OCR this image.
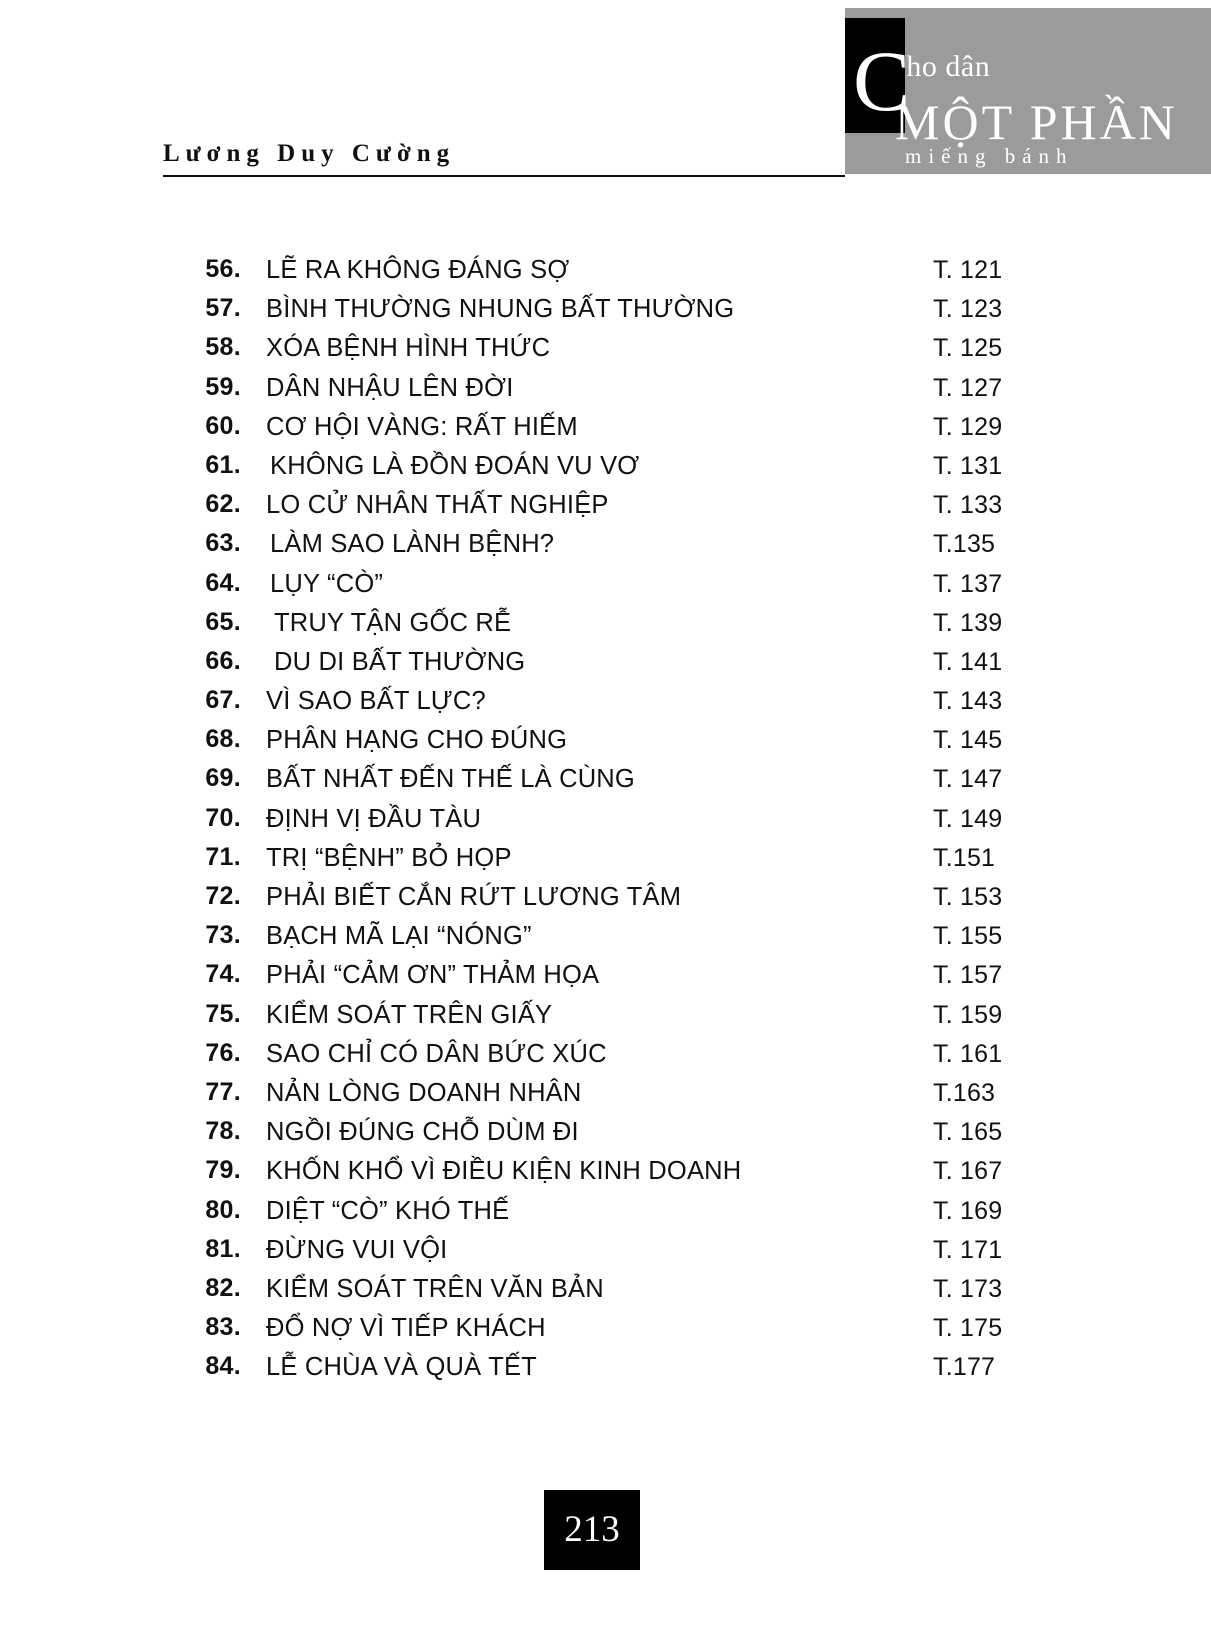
Cho dân
MỘT PHẦN
miếng bánh
Lương Duy Cường
56. LẼ RA KHÔNG ĐÁNG SỢ	T. 121
57. BÌNH THƯỜNG NHUNG BẤT THƯỜNG	T. 123
58. XÓA BỆNH HÌNH THỨC	T. 125
59. DÂN NHẬU LÊN ĐỜI	T. 127
60. CƠ HỘI VÀNG: RẤT HIẾM	T. 129
61. KHÔNG LÀ ĐỒN ĐOÁN VU VƠ	T. 131
62. LO CỬ NHÂN THẤT NGHIỆP	T. 133
63. LÀM SAO LÀNH BỆNH?	T.135
64. LỤY “CÒ”	T. 137
65. TRUY TẬN GỐC RỄ	T. 139
66. DU DI BẤT THƯỜNG	T. 141
67. VÌ SAO BẤT LỰC?	T. 143
68. PHÂN HẠNG CHO ĐÚNG	T. 145
69. BẤT NHẤT ĐẾN THẾ LÀ CÙNG	T. 147
70. ĐỊNH VỊ ĐẦU TÀU	T. 149
71. TRỊ “BỆNH” BỎ HỌP	T.151
72. PHẢI BIẾT CẮN RỨT LƯƠNG TÂM	T. 153
73. BẠCH MÃ LẠI “NÓNG”	T. 155
74. PHẢI “CẢM ƠN” THẢM HỌA	T. 157
75. KIỂM SOÁT TRÊN GIẤY	T. 159
76. SAO CHỈ CÓ DÂN BỨC XÚC	T. 161
77. NẢN LÒNG DOANH NHÂN	T.163
78. NGỒI ĐÚNG CHỖ DÙM ĐI	T. 165
79. KHỐN KHỔ VÌ ĐIỀU KIỆN KINH DOANH	T. 167
80. DIỆT “CÒ” KHÓ THẾ	T. 169
81. ĐỪNG VUI VỘI	T. 171
82. KIỂM SOÁT TRÊN VĂN BẢN	T. 173
83. ĐỔ NỢ VÌ TIẾP KHÁCH	T. 175
84. LỄ CHÙA VÀ QUÀ TẾT	T.177
213
